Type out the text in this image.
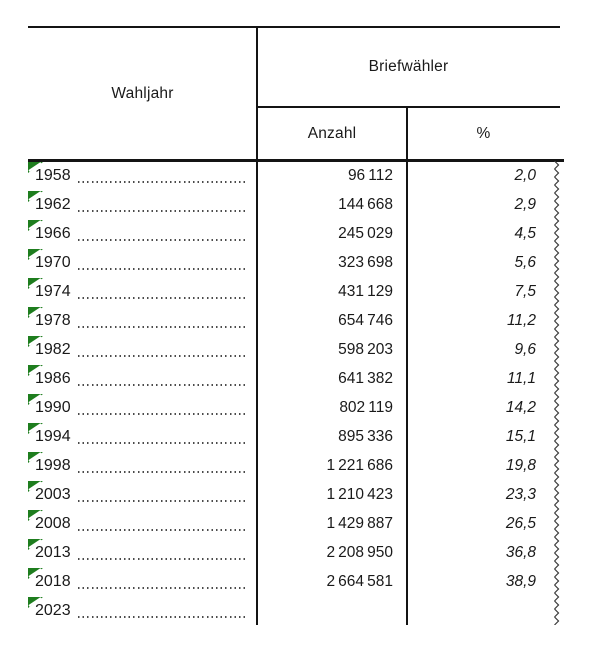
Wahljahr
Briefwähler
Anzahl	%
1958	96 112	2,0
1962	144 668	2,9
1966	245 029	4,5
1970	323 698	5,6
1974	431 129	7,5
1978	654 746	11,2
1982	598 203	9,6
1986	641 382	11,1
1990	802 119	14,2
1994	895 336	15,1
1998	1 221 686	19,8
2003	1 210 423	23,3
2008	1 429 887	26,5
2013	2 208 950	36,8
2018	2 664 581	38,9
2023
